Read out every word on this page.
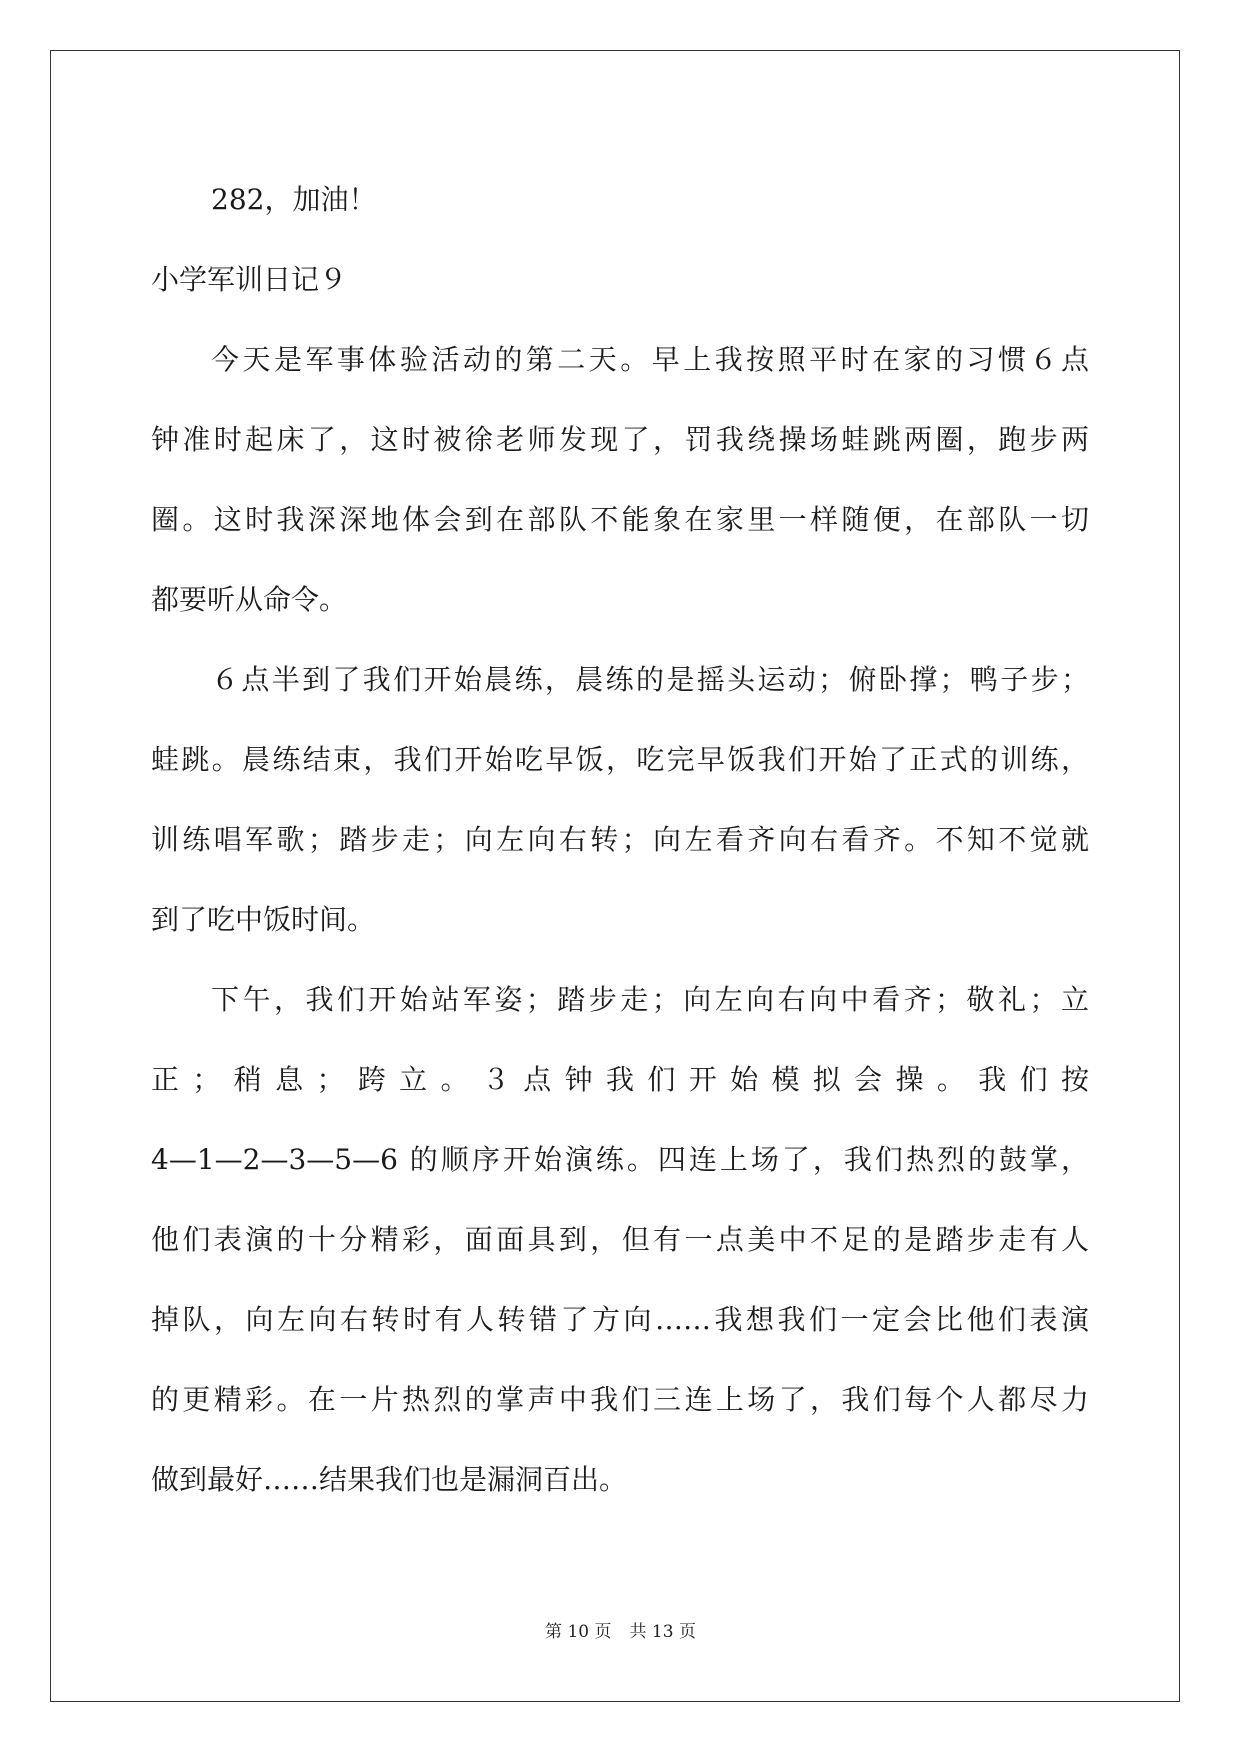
282，加油！
小学军训日记９
今天是军事体验活动的第二天。早上我按照平时在家的习惯６点
钟准时起床了，这时被徐老师发现了，罚我绕操场蛙跳两圈，跑步两
圈。这时我深深地体会到在部队不能象在家里一样随便，在部队一切
都要听从命令。
６点半到了我们开始晨练，晨练的是摇头运动；俯卧撑；鸭子步；
蛙跳。晨练结束，我们开始吃早饭，吃完早饭我们开始了正式的训练，
训练唱军歌；踏步走；向左向右转；向左看齐向右看齐。不知不觉就
到了吃中饭时间。
下午，我们开始站军姿；踏步走；向左向右向中看齐；敬礼；立
正；稍息；跨立。３点钟我们开始模拟会操。我们按
4—1—2—3—5—6 的顺序开始演练。四连上场了，我们热烈的鼓掌，
他们表演的十分精彩，面面具到，但有一点美中不足的是踏步走有人
掉队，向左向右转时有人转错了方向……我想我们一定会比他们表演
的更精彩。在一片热烈的掌声中我们三连上场了，我们每个人都尽力
做到最好……结果我们也是漏洞百出。
第 10 页 共 13 页
